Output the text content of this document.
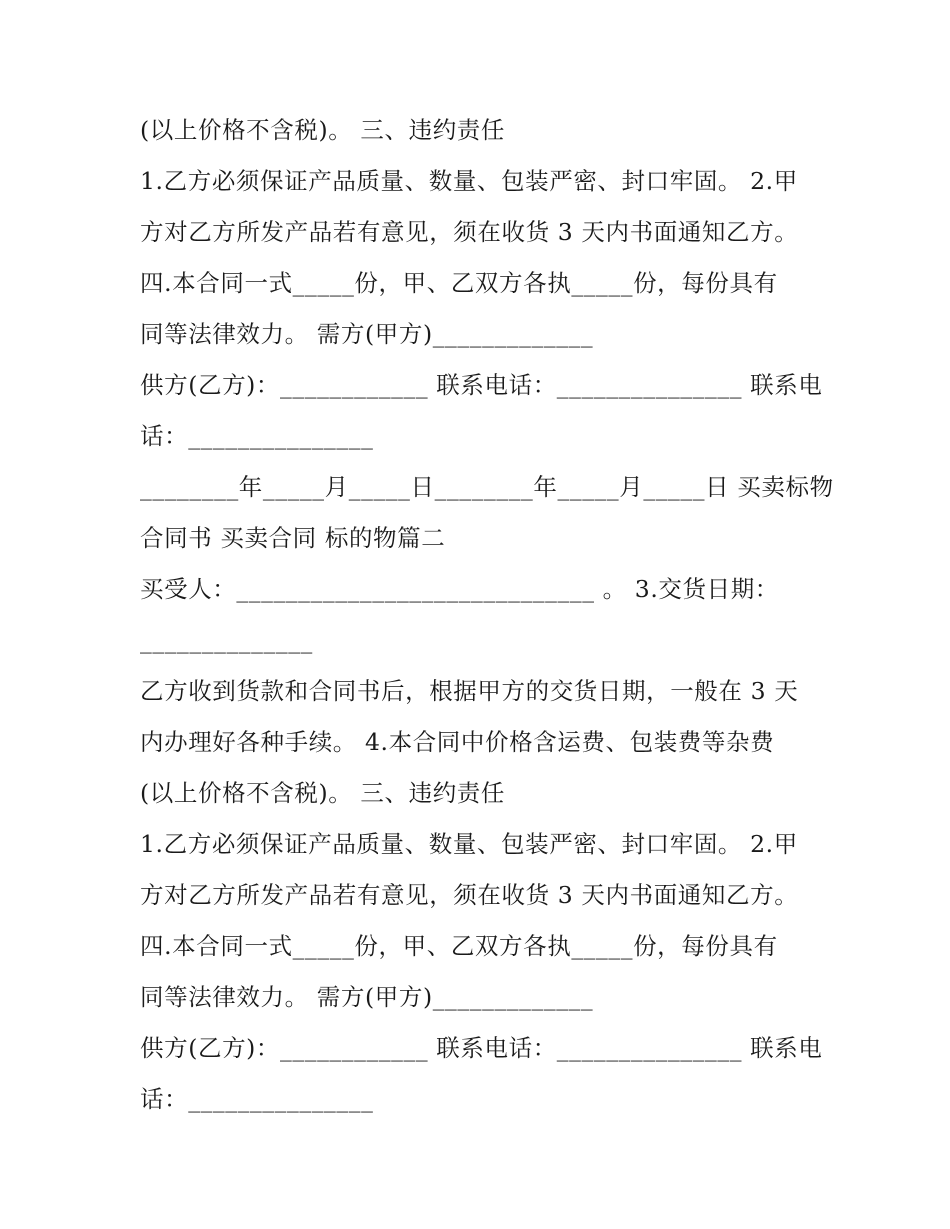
(以上价格不含税)。 三、违约责任
1.乙方必须保证产品质量、数量、包装严密、封口牢固。 2.甲
方对乙方所发产品若有意见，须在收货 3 天内书面通知乙方。
四.本合同一式_____份，甲、乙双方各执_____份，每份具有
同等法律效力。 需方(甲方)_____________
供方(乙方)：____________ 联系电话：_______________ 联系电
话：_______________
________年_____月_____日________年_____月_____日 买卖标物
合同书 买卖合同 标的物篇二
买受人：_____________________________ 。 3.交货日期：
______________
乙方收到货款和合同书后，根据甲方的交货日期，一般在 3 天
内办理好各种手续。 4.本合同中价格含运费、包装费等杂费
(以上价格不含税)。 三、违约责任
1.乙方必须保证产品质量、数量、包装严密、封口牢固。 2.甲
方对乙方所发产品若有意见，须在收货 3 天内书面通知乙方。
四.本合同一式_____份，甲、乙双方各执_____份，每份具有
同等法律效力。 需方(甲方)_____________
供方(乙方)：____________ 联系电话：_______________ 联系电
话：_______________
